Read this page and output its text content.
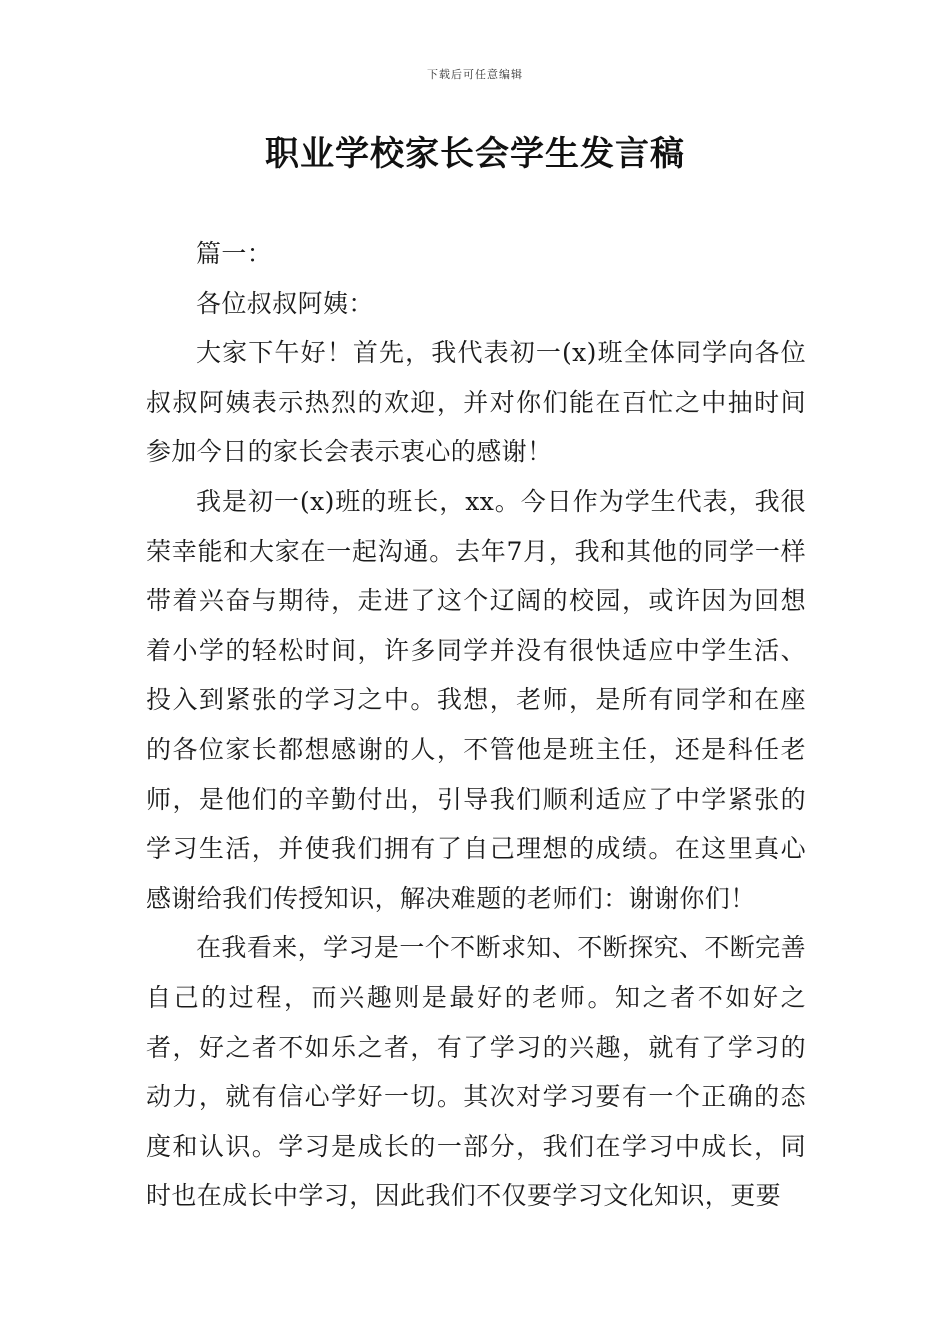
下载后可任意编辑
职业学校家长会学生发言稿

篇一：

各位叔叔阿姨：

大家下午好！首先，我代表初一(x)班全体同学向各位叔叔阿姨表示热烈的欢迎，并对你们能在百忙之中抽时间参加今日的家长会表示衷心的感谢！

我是初一(x)班的班长，xx。今日作为学生代表，我很荣幸能和大家在一起沟通。去年7月，我和其他的同学一样带着兴奋与期待，走进了这个辽阔的校园，或许因为回想着小学的轻松时间，许多同学并没有很快适应中学生活、投入到紧张的学习之中。我想，老师，是所有同学和在座的各位家长都想感谢的人，不管他是班主任，还是科任老师，是他们的辛勤付出，引导我们顺利适应了中学紧张的学习生活，并使我们拥有了自己理想的成绩。在这里真心感谢给我们传授知识，解决难题的老师们：谢谢你们！

在我看来，学习是一个不断求知、不断探究、不断完善自己的过程，而兴趣则是最好的老师。知之者不如好之者，好之者不如乐之者，有了学习的兴趣，就有了学习的动力，就有信心学好一切。其次对学习要有一个正确的态度和认识。学习是成长的一部分，我们在学习中成长，同时也在成长中学习，因此我们不仅要学习文化知识，更要
